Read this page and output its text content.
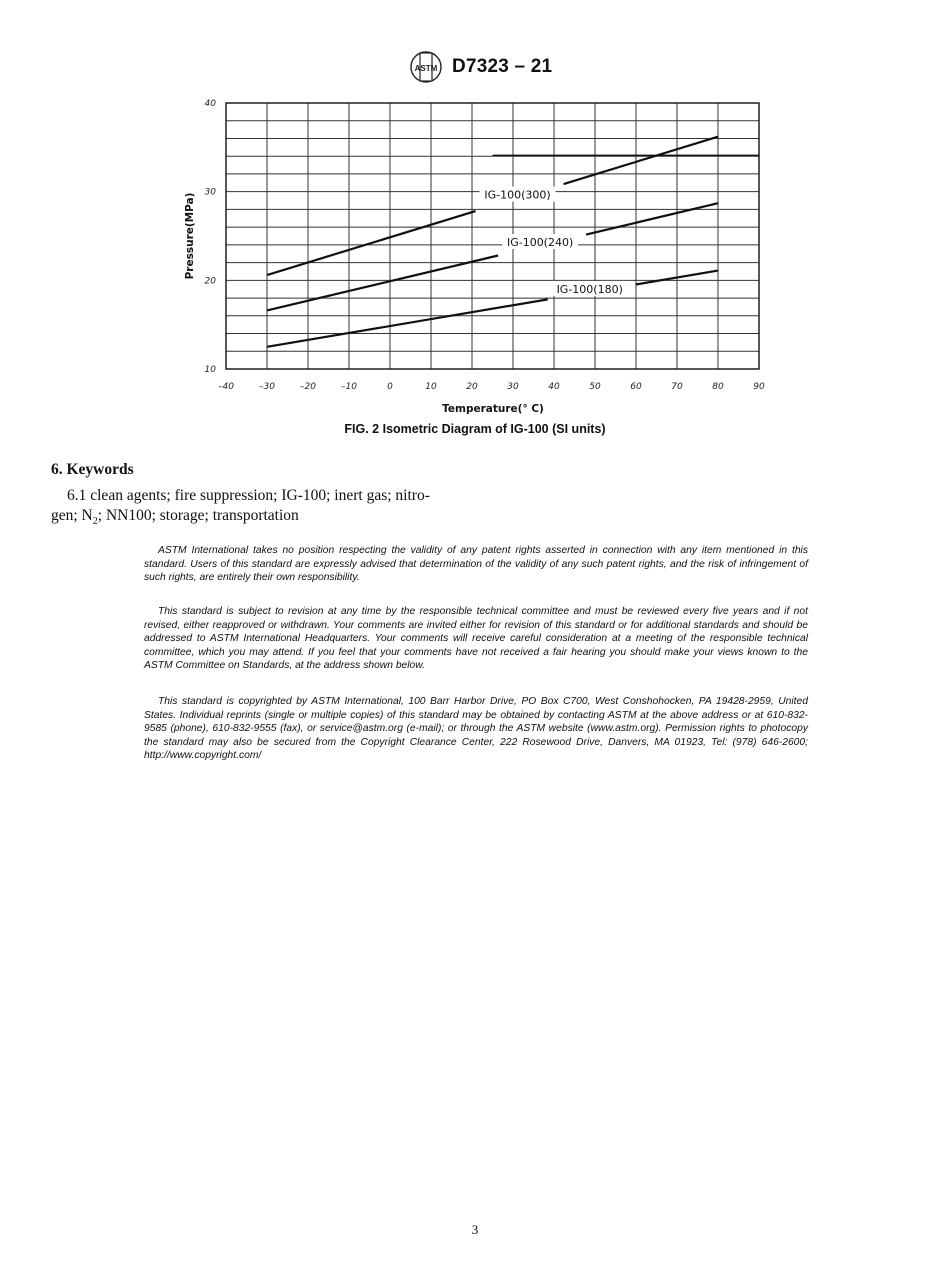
ASTM D7323 – 21
IG-100(300)
IG-100(240)
IG-100(180)
–40	–30	–20	–10	0	10	20	30	40	50	60	70	80	90
10
20
30
40
Temperature(° C)
Pressure(MPa)
FIG. 2 Isometric Diagram of IG-100 (SI units)
6. Keywords
6.1 clean agents; fire suppression; IG-100; inert gas; nitro-
gen; $N_2$; NN100; storage; transportation

ASTM International takes no position respecting the validity of any patent rights asserted in connection with any item mentioned in this standard. Users of this standard are expressly advised that determination of the validity of any such patent rights, and the risk of infringement of such rights, are entirely their own responsibility.

This standard is subject to revision at any time by the responsible technical committee and must be reviewed every five years and if not revised, either reapproved or withdrawn. Your comments are invited either for revision of this standard or for additional standards and should be addressed to ASTM International Headquarters. Your comments will receive careful consideration at a meeting of the responsible technical committee, which you may attend. If you feel that your comments have not received a fair hearing you should make your views known to the ASTM Committee on Standards, at the address shown below.

This standard is copyrighted by ASTM International, 100 Barr Harbor Drive, PO Box C700, West Conshohocken, PA 19428-2959, United States. Individual reprints (single or multiple copies) of this standard may be obtained by contacting ASTM at the above address or at 610-832-9585 (phone), 610-832-9555 (fax), or service@astm.org (e-mail); or through the ASTM website (www.astm.org). Permission rights to photocopy the standard may also be secured from the Copyright Clearance Center, 222 Rosewood Drive, Danvers, MA 01923, Tel: (978) 646-2600; http://www.copyright.com/

3
